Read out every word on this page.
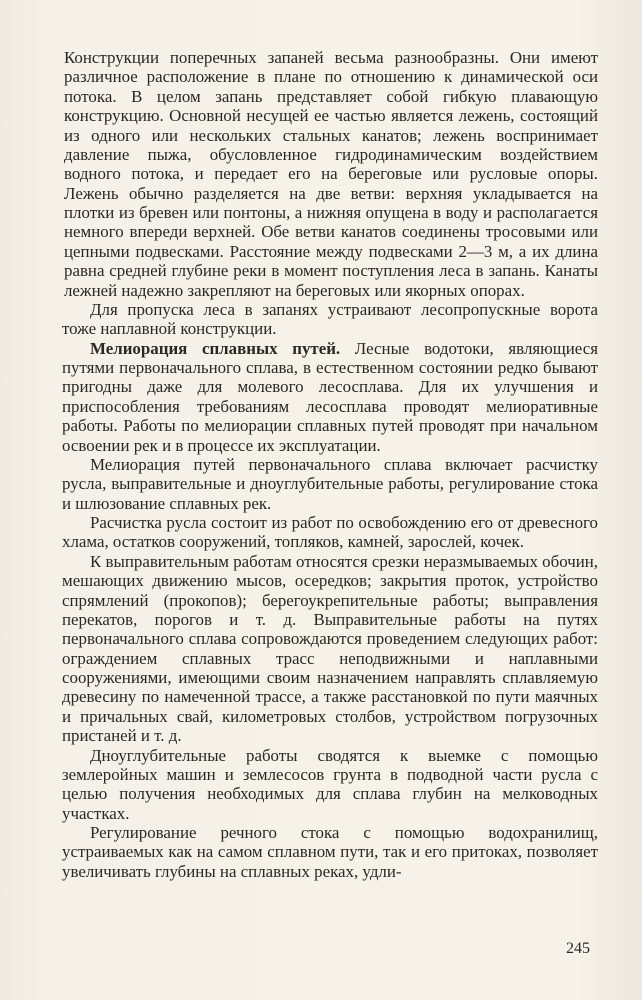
Конструкции поперечных запаней весьма разнообразны. Они имеют различное расположение в плане по отношению к динамической оси потока. В целом запань представляет собой гибкую плавающую конструкцию. Основной несущей ее частью является лежень, состоящий из одного или нескольких стальных канатов; лежень воспринимает давление пыжа, обусловленное гидродинамическим воздействием водного потока, и передает его на береговые или русловые опоры. Лежень обычно разделяется на две ветви: верхняя укладывается на плотки из бревен или понтоны, а нижняя опущена в воду и располагается немного впереди верхней. Обе ветви канатов соединены тросовыми или цепными подвесками. Расстояние между подвесками 2—3 м, а их длина равна средней глубине реки в момент поступления леса в запань. Канаты лежней надежно закрепляют на береговых или якорных опорах.

Для пропуска леса в запанях устраивают лесопропускные ворота тоже наплавной конструкции.

Мелиорация сплавных путей. Лесные водотоки, являющиеся путями первоначального сплава, в естественном состоянии редко бывают пригодны даже для молевого лесосплава. Для их улучшения и приспособления требованиям лесосплава проводят мелиоративные работы. Работы по мелиорации сплавных путей проводят при начальном освоении рек и в процессе их эксплуатации.

Мелиорация путей первоначального сплава включает расчистку русла, выправительные и дноуглубительные работы, регулирование стока и шлюзование сплавных рек.

Расчистка русла состоит из работ по освобождению его от древесного хлама, остатков сооружений, топляков, камней, зарослей, кочек.

К выправительным работам относятся срезки неразмываемых обочин, мешающих движению мысов, осередков; закрытия проток, устройство спрямлений (прокопов); берегоукрепительные работы; выправления перекатов, порогов и т. д. Выправительные работы на путях первоначального сплава сопровождаются проведением следующих работ: ограждением сплавных трасс неподвижными и наплавными сооружениями, имеющими своим назначением направлять сплавляемую древесину по намеченной трассе, а также расстановкой по пути маячных и причальных свай, километровых столбов, устройством погрузочных пристаней и т. д.

Дноуглубительные работы сводятся к выемке с помощью землеройных машин и землесосов грунта в подводной части русла с целью получения необходимых для сплава глубин на мелководных участках.

Регулирование речного стока с помощью водохранилищ, устраиваемых как на самом сплавном пути, так и его притоках, позволяет увеличивать глубины на сплавных реках, удли-

245
